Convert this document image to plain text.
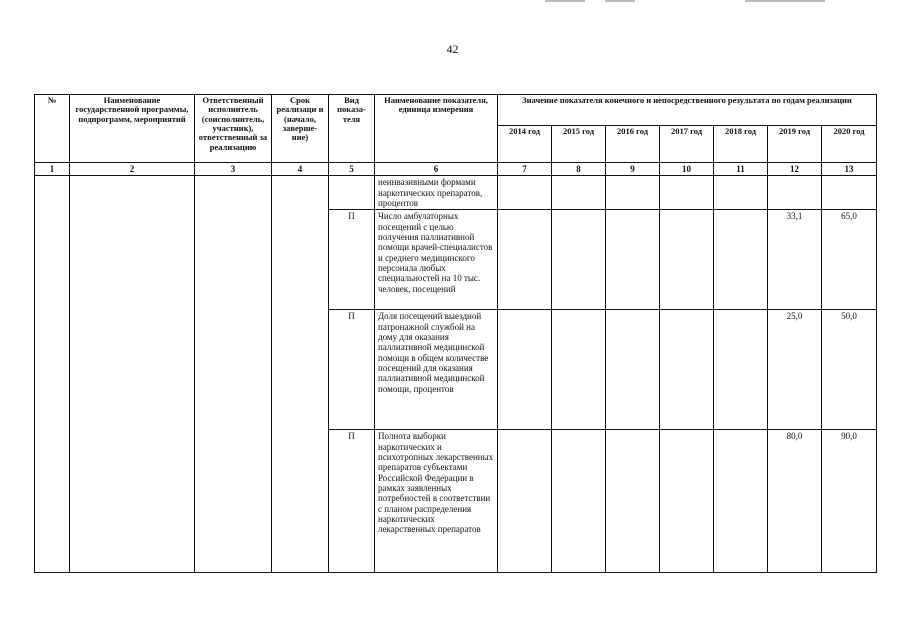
42
№	Наименование государственной программы, подпрограмм, мероприятий	Ответственный исполнитель (соисполнитель, участник), ответственный за реализацию	Срок реализаци и (начало, заверше-ние)	Вид показа-теля	Наименование показателя, единица измерения	Значение показателя конечного и непосредственного результата по годам реализации						
						2014 год	2015 год	2016 год	2017 год	2018 год	2019 год	2020 год
1	2	3	4	5	6	7	8	9	10	11	12	13
					неинвазивными формами наркотических препаратов, процентов							
				П	Число амбулаторных посещений с целью получения паллиативной помощи врачей-специалистов и среднего медицинского персонала любых специальностей на 10 тыс. человек, посещений						33,1	65,0
				П	Доля посещений выездной патронажной службой на дому для оказания паллиативной медицинской помощи в общем количестве посещений для оказания паллиативной медицинской помощи, процентов						25,0	50,0
				П	Полнота выборки наркотических и психотропных лекарственных препаратов субъектами Российской Федерации в рамках заявленных потребностей в соответствии с планом распределения наркотических лекарственных препаратов						80,0	90,0
